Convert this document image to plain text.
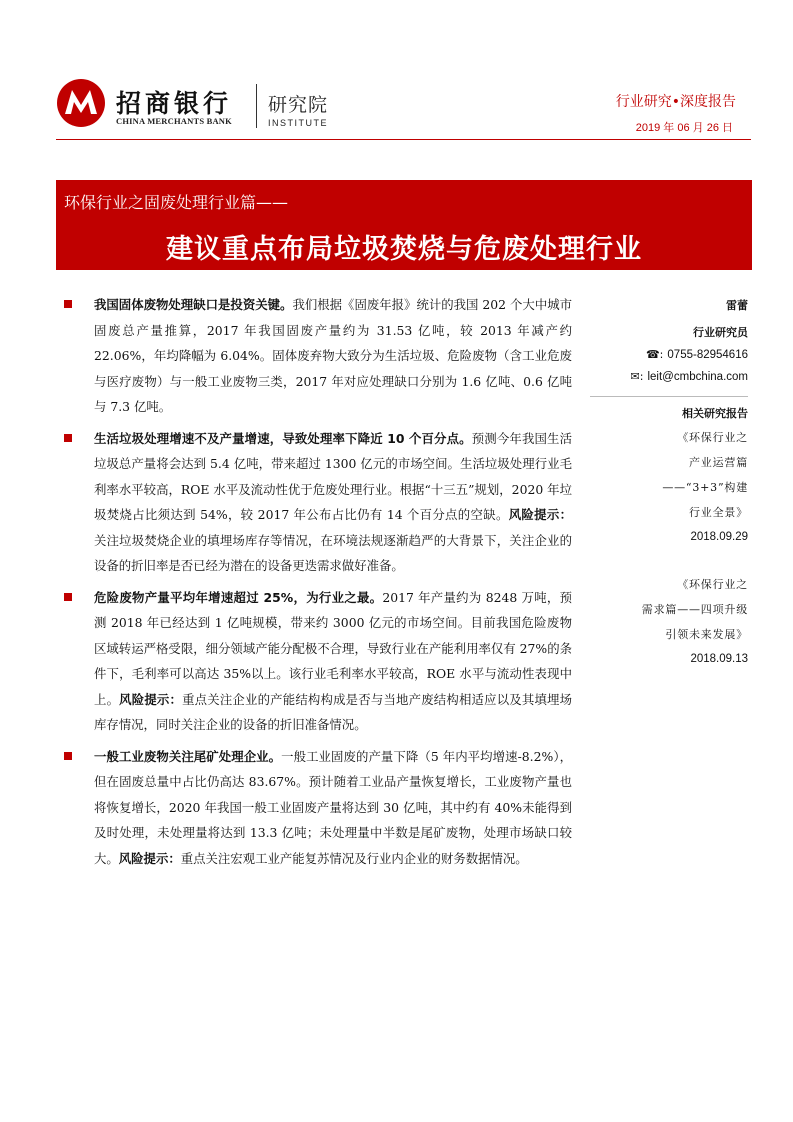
招商银行
CHINA MERCHANTS BANK
研究院
INSTITUTE
行业研究•深度报告
2019 年 06 月 26 日
环保行业之固废处理行业篇——
建议重点布局垃圾焚烧与危废处理行业
我国固体废物处理缺口是投资关键。我们根据《固废年报》统计的我国 202 个大中城市固废总产量推算，2017 年我国固废产量约为 31.53 亿吨，较 2013 年减产约 22.06%，年均降幅为 6.04%。固体废弃物大致分为生活垃圾、危险废物（含工业危废与医疗废物）与一般工业废物三类，2017 年对应处理缺口分别为 1.6 亿吨、0.6 亿吨与 7.3 亿吨。
生活垃圾处理增速不及产量增速，导致处理率下降近 10 个百分点。预测今年我国生活垃圾总产量将会达到 5.4 亿吨，带来超过 1300 亿元的市场空间。生活垃圾处理行业毛利率水平较高，ROE 水平及流动性优于危废处理行业。根据“十三五”规划，2020 年垃圾焚烧占比须达到 54%，较 2017 年公布占比仍有 14 个百分点的空缺。风险提示：关注垃圾焚烧企业的填埋场库存等情况，在环境法规逐渐趋严的大背景下，关注企业的设备的折旧率是否已经为潜在的设备更迭需求做好准备。
危险废物产量平均年增速超过 25%，为行业之最。2017 年产量约为 8248 万吨，预测 2018 年已经达到 1 亿吨规模，带来约 3000 亿元的市场空间。目前我国危险废物区域转运严格受限，细分领域产能分配极不合理，导致行业在产能利用率仅有 27%的条件下，毛利率可以高达 35%以上。该行业毛利率水平较高，ROE 水平与流动性表现中上。风险提示：重点关注企业的产能结构构成是否与当地产废结构相适应以及其填埋场库存情况，同时关注企业的设备的折旧准备情况。
一般工业废物关注尾矿处理企业。一般工业固废的产量下降（5 年内平均增速-8.2%），但在固废总量中占比仍高达 83.67%。预计随着工业品产量恢复增长，工业废物产量也将恢复增长，2020 年我国一般工业固废产量将达到 30 亿吨，其中约有 40%未能得到及时处理，未处理量将达到 13.3 亿吨；未处理量中半数是尾矿废物，处理市场缺口较大。风险提示：重点关注宏观工业产能复苏情况及行业内企业的财务数据情况。
雷蕾
行业研究员
☎: 0755-82954616
✉: leit@cmbchina.com
相关研究报告
《环保行业之
产业运营篇
——“3+3”构建
行业全景》
2018.09.29
《环保行业之
需求篇——四项升级
引领未来发展》
2018.09.13
